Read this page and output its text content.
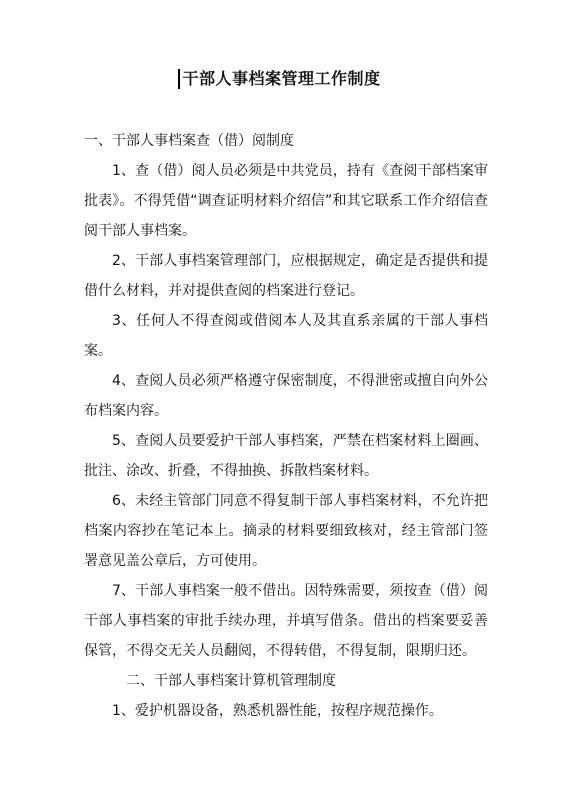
干部人事档案管理工作制度

一、干部人事档案查（借）阅制度

1、查（借）阅人员必须是中共党员，持有《查阅干部档案审批表》。不得凭借“调查证明材料介绍信”和其它联系工作介绍信查阅干部人事档案。

2、干部人事档案管理部门，应根据规定，确定是否提供和提借什么材料，并对提供查阅的档案进行登记。

3、任何人不得查阅或借阅本人及其直系亲属的干部人事档案。

4、查阅人员必须严格遵守保密制度，不得泄密或擅自向外公布档案内容。

5、查阅人员要爱护干部人事档案，严禁在档案材料上圈画、批注、涂改、折叠，不得抽换、拆散档案材料。

6、未经主管部门同意不得复制干部人事档案材料，不允许把档案内容抄在笔记本上。摘录的材料要细致核对，经主管部门签署意见盖公章后，方可使用。

7、干部人事档案一般不借出。因特殊需要，须按查（借）阅干部人事档案的审批手续办理，并填写借条。借出的档案要妥善保管，不得交无关人员翻阅，不得转借，不得复制，限期归还。

二、干部人事档案计算机管理制度

1、爱护机器设备，熟悉机器性能，按程序规范操作。
